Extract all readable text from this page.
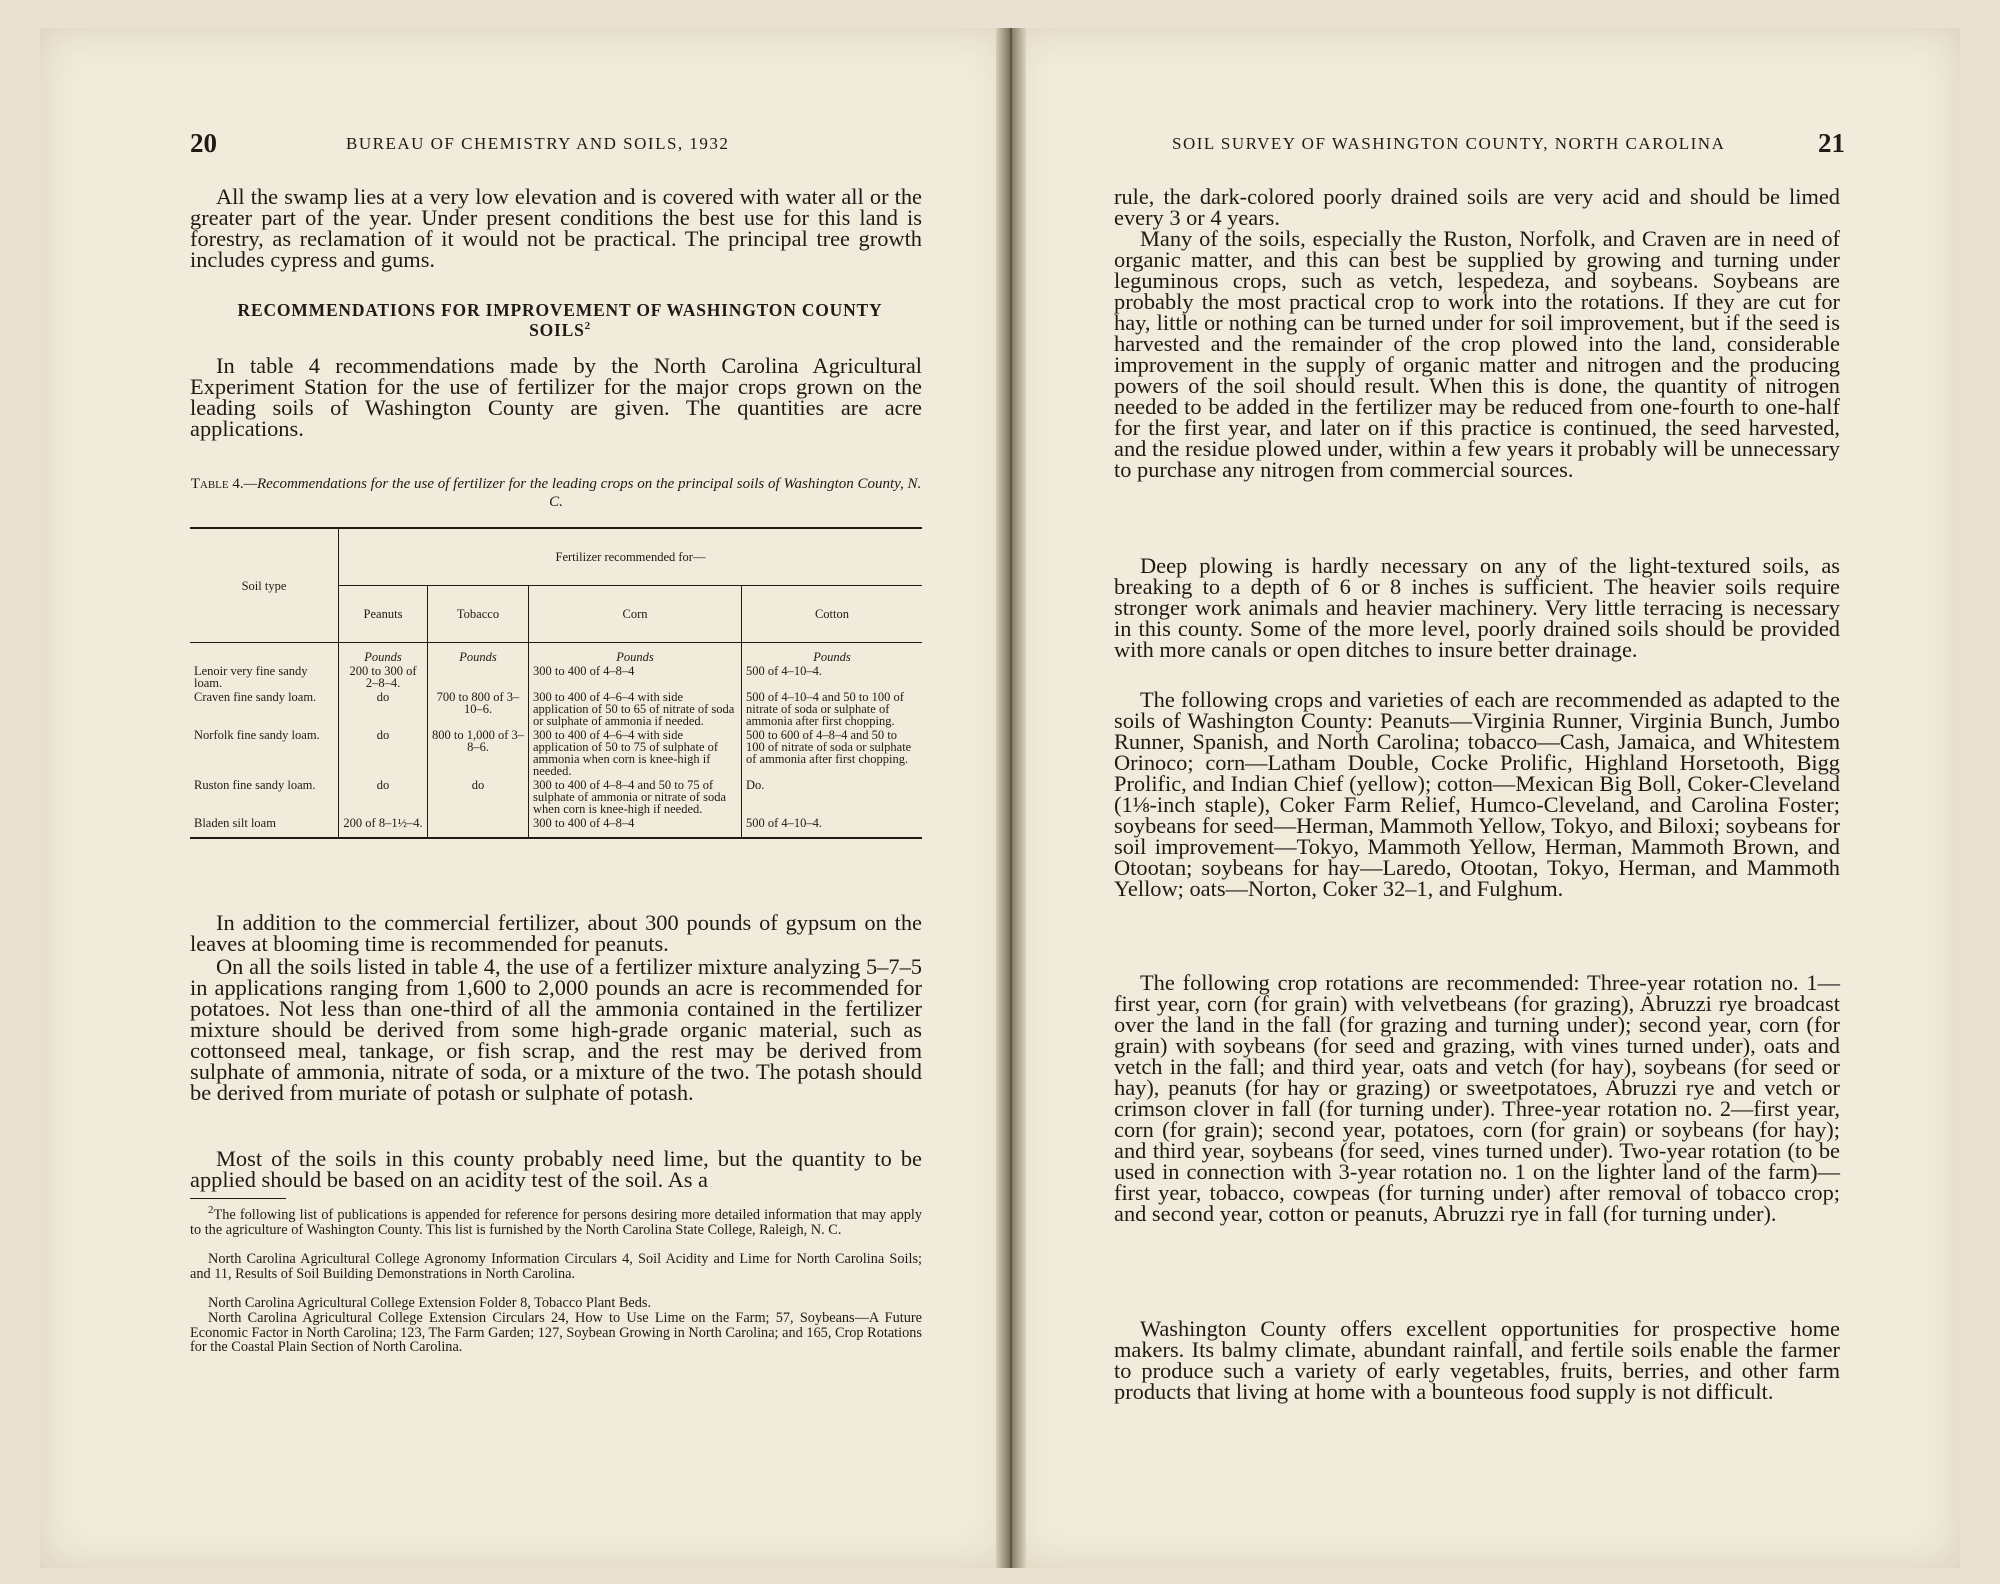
20	BUREAU OF CHEMISTRY AND SOILS, 1932

All the swamp lies at a very low elevation and is covered with water all or the greater part of the year. Under present conditions the best use for this land is forestry, as reclamation of it would not be practical. The principal tree growth includes cypress and gums.

RECOMMENDATIONS FOR IMPROVEMENT OF WASHINGTON COUNTY SOILS$^2$

In table 4 recommendations made by the North Carolina Agricultural Experiment Station for the use of fertilizer for the major crops grown on the leading soils of Washington County are given. The quantities are acre applications.

Table 4.—Recommendations for the use of fertilizer for the leading crops on the principal soils of Washington County, N. C.

Soil type	Fertilizer recommended for—			
	Peanuts	Tobacco	Corn	Cotton
	Pounds	Pounds	Pounds	Pounds
Lenoir very fine sandy loam.	200 to 300 of 2–8–4.		300 to 400 of 4–8–4	500 of 4–10–4.
Craven fine sandy loam.	do	700 to 800 of 3–10–6.	300 to 400 of 4–6–4 with side application of 50 to 65 of nitrate of soda or sulphate of ammonia if needed.	500 of 4–10–4 and 50 to 100 of nitrate of soda or sulphate of ammonia after first chopping.
Norfolk fine sandy loam.	do	800 to 1,000 of 3–8–6.	300 to 400 of 4–6–4 with side application of 50 to 75 of sulphate of ammonia when corn is knee-high if needed.	500 to 600 of 4–8–4 and 50 to 100 of nitrate of soda or sulphate of ammonia after first chopping.
Ruston fine sandy loam.	do	do	300 to 400 of 4–8–4 and 50 to 75 of sulphate of ammonia or nitrate of soda when corn is knee-high if needed.	Do.
Bladen silt loam	200 of 8–1½–4.		300 to 400 of 4–8–4	500 of 4–10–4.

In addition to the commercial fertilizer, about 300 pounds of gypsum on the leaves at blooming time is recommended for peanuts.

On all the soils listed in table 4, the use of a fertilizer mixture analyzing 5–7–5 in applications ranging from 1,600 to 2,000 pounds an acre is recommended for potatoes. Not less than one-third of all the ammonia contained in the fertilizer mixture should be derived from some high-grade organic material, such as cottonseed meal, tankage, or fish scrap, and the rest may be derived from sulphate of ammonia, nitrate of soda, or a mixture of the two. The potash should be derived from muriate of potash or sulphate of potash.

Most of the soils in this county probably need lime, but the quantity to be applied should be based on an acidity test of the soil. As a

$^2$The following list of publications is appended for reference for persons desiring more detailed information that may apply to the agriculture of Washington County. This list is furnished by the North Carolina State College, Raleigh, N. C.

North Carolina Agricultural College Agronomy Information Circulars 4, Soil Acidity and Lime for North Carolina Soils; and 11, Results of Soil Building Demonstrations in North Carolina.

North Carolina Agricultural College Extension Folder 8, Tobacco Plant Beds.

North Carolina Agricultural College Extension Circulars 24, How to Use Lime on the Farm; 57, Soybeans—A Future Economic Factor in North Carolina; 123, The Farm Garden; 127, Soybean Growing in North Carolina; and 165, Crop Rotations for the Coastal Plain Section of North Carolina.

SOIL SURVEY OF WASHINGTON COUNTY, NORTH CAROLINA	21

rule, the dark-colored poorly drained soils are very acid and should be limed every 3 or 4 years.

Many of the soils, especially the Ruston, Norfolk, and Craven are in need of organic matter, and this can best be supplied by growing and turning under leguminous crops, such as vetch, lespedeza, and soybeans. Soybeans are probably the most practical crop to work into the rotations. If they are cut for hay, little or nothing can be turned under for soil improvement, but if the seed is harvested and the remainder of the crop plowed into the land, considerable improvement in the supply of organic matter and nitrogen and the producing powers of the soil should result. When this is done, the quantity of nitrogen needed to be added in the fertilizer may be reduced from one-fourth to one-half for the first year, and later on if this practice is continued, the seed harvested, and the residue plowed under, within a few years it probably will be unnecessary to purchase any nitrogen from commercial sources.

Deep plowing is hardly necessary on any of the light-textured soils, as breaking to a depth of 6 or 8 inches is sufficient. The heavier soils require stronger work animals and heavier machinery. Very little terracing is necessary in this county. Some of the more level, poorly drained soils should be provided with more canals or open ditches to insure better drainage.

The following crops and varieties of each are recommended as adapted to the soils of Washington County: Peanuts—Virginia Runner, Virginia Bunch, Jumbo Runner, Spanish, and North Carolina; tobacco—Cash, Jamaica, and Whitestem Orinoco; corn—Latham Double, Cocke Prolific, Highland Horsetooth, Bigg Prolific, and Indian Chief (yellow); cotton—Mexican Big Boll, Coker-Cleveland (1⅛-inch staple), Coker Farm Relief, Humco-Cleveland, and Carolina Foster; soybeans for seed—Herman, Mammoth Yellow, Tokyo, and Biloxi; soybeans for soil improvement—Tokyo, Mammoth Yellow, Herman, Mammoth Brown, and Otootan; soybeans for hay—Laredo, Otootan, Tokyo, Herman, and Mammoth Yellow; oats—Norton, Coker 32–1, and Fulghum.

The following crop rotations are recommended: Three-year rotation no. 1—first year, corn (for grain) with velvetbeans (for grazing), Abruzzi rye broadcast over the land in the fall (for grazing and turning under); second year, corn (for grain) with soybeans (for seed and grazing, with vines turned under), oats and vetch in the fall; and third year, oats and vetch (for hay), soybeans (for seed or hay), peanuts (for hay or grazing) or sweetpotatoes, Abruzzi rye and vetch or crimson clover in fall (for turning under). Three-year rotation no. 2—first year, corn (for grain); second year, potatoes, corn (for grain) or soybeans (for hay); and third year, soybeans (for seed, vines turned under). Two-year rotation (to be used in connection with 3-year rotation no. 1 on the lighter land of the farm)—first year, tobacco, cowpeas (for turning under) after removal of tobacco crop; and second year, cotton or peanuts, Abruzzi rye in fall (for turning under).

Washington County offers excellent opportunities for prospective home makers. Its balmy climate, abundant rainfall, and fertile soils enable the farmer to produce such a variety of early vegetables, fruits, berries, and other farm products that living at home with a bounteous food supply is not difficult.
